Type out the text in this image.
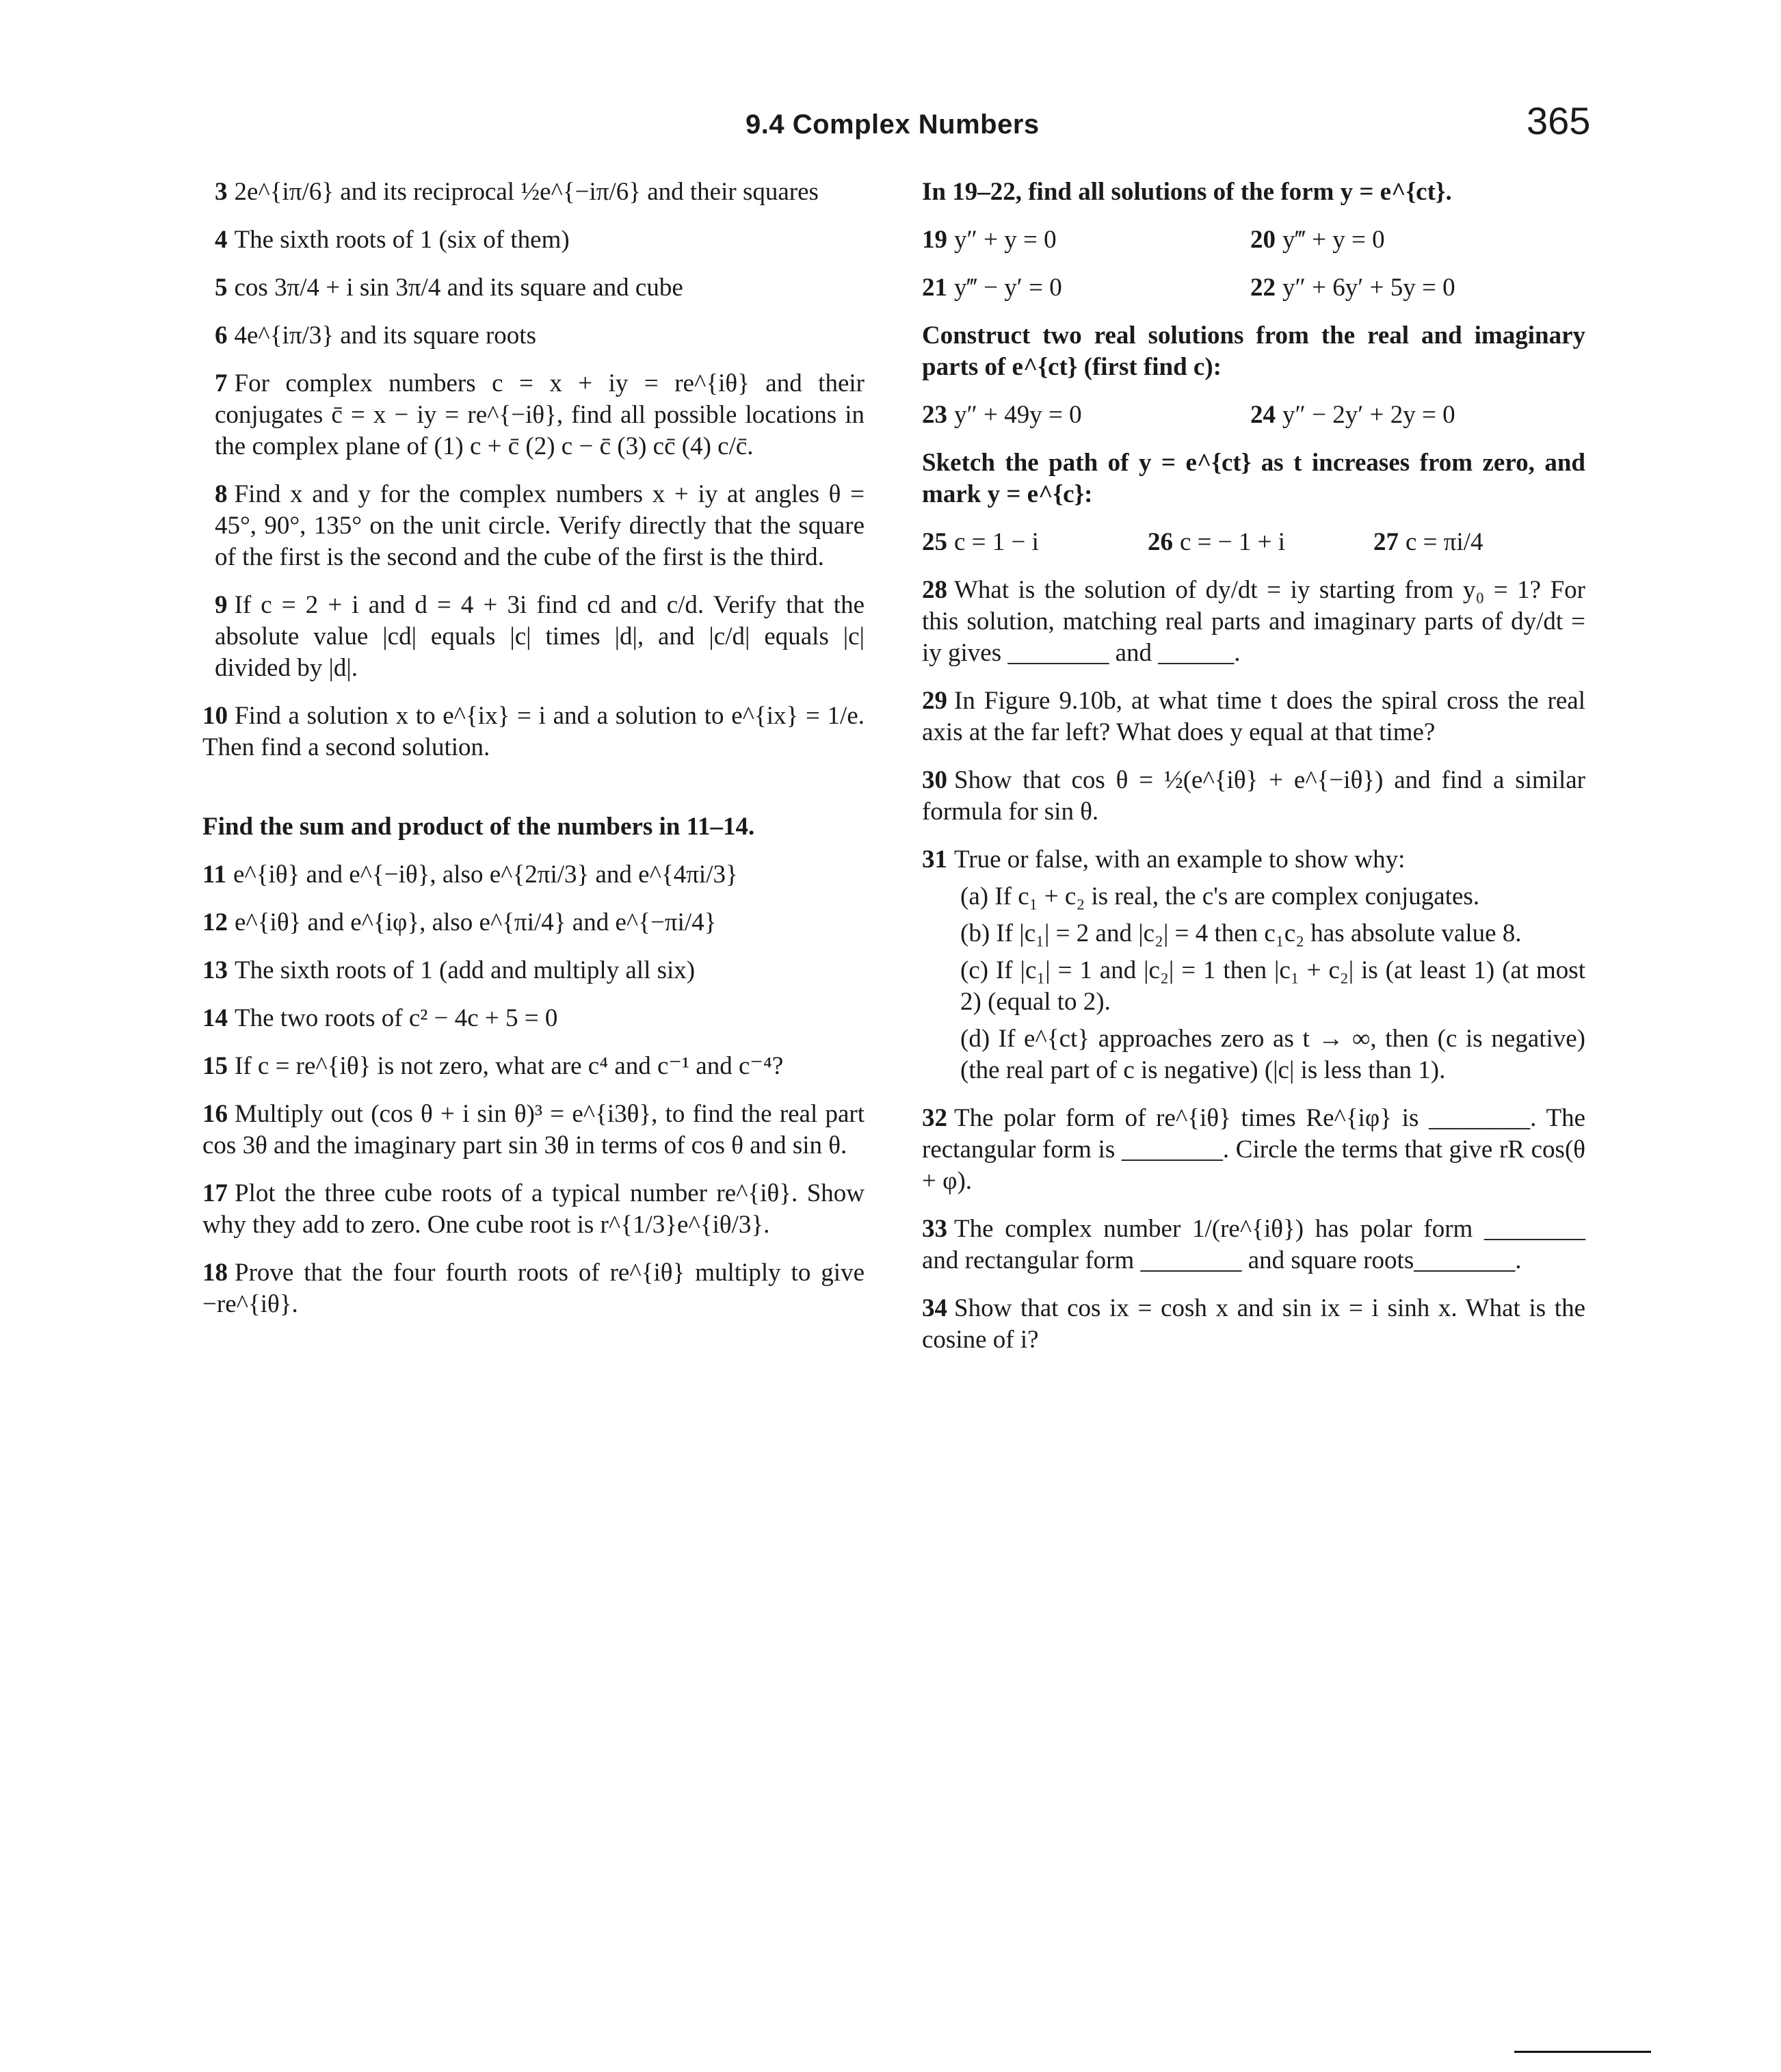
9.4 Complex Numbers	365

3 2e^{iπ/6} and its reciprocal ½e^{−iπ/6} and their squares

4 The sixth roots of 1 (six of them)

5 cos 3π/4 + i sin 3π/4 and its square and cube

6 4e^{iπ/3} and its square roots

7 For complex numbers c = x + iy = re^{iθ} and their conjugates c̄ = x − iy = re^{−iθ}, find all possible locations in the complex plane of (1) c + c̄ (2) c − c̄ (3) cc̄ (4) c/c̄.

8 Find x and y for the complex numbers x + iy at angles θ = 45°, 90°, 135° on the unit circle. Verify directly that the square of the first is the second and the cube of the first is the third.

9 If c = 2 + i and d = 4 + 3i find cd and c/d. Verify that the absolute value |cd| equals |c| times |d|, and |c/d| equals |c| divided by |d|.

10 Find a solution x to e^{ix} = i and a solution to e^{ix} = 1/e. Then find a second solution.

Find the sum and product of the numbers in 11–14.

11 e^{iθ} and e^{−iθ}, also e^{2πi/3} and e^{4πi/3}

12 e^{iθ} and e^{iφ}, also e^{πi/4} and e^{−πi/4}

13 The sixth roots of 1 (add and multiply all six)

14 The two roots of c² − 4c + 5 = 0

15 If c = re^{iθ} is not zero, what are c⁴ and c⁻¹ and c⁻⁴?

16 Multiply out (cos θ + i sin θ)³ = e^{i3θ}, to find the real part cos 3θ and the imaginary part sin 3θ in terms of cos θ and sin θ.

17 Plot the three cube roots of a typical number re^{iθ}. Show why they add to zero. One cube root is r^{1/3}e^{iθ/3}.

18 Prove that the four fourth roots of re^{iθ} multiply to give −re^{iθ}.

In 19–22, find all solutions of the form y = e^{ct}.

19 y″ + y = 0	20 y‴ + y = 0
21 y‴ − y′ = 0	22 y″ + 6y′ + 5y = 0

Construct two real solutions from the real and imaginary parts of e^{ct} (first find c):

23 y″ + 49y = 0	24 y″ − 2y′ + 2y = 0

Sketch the path of y = e^{ct} as t increases from zero, and mark y = e^{c}:

25 c = 1 − i	26 c = − 1 + i	27 c = πi/4

28 What is the solution of dy/dt = iy starting from y₀ = 1? For this solution, matching real parts and imaginary parts of dy/dt = iy gives ________ and ______.

29 In Figure 9.10b, at what time t does the spiral cross the real axis at the far left? What does y equal at that time?

30 Show that cos θ = ½(e^{iθ} + e^{−iθ}) and find a similar formula for sin θ.

31 True or false, with an example to show why:

(a) If c₁ + c₂ is real, the c's are complex conjugates.

(b) If |c₁| = 2 and |c₂| = 4 then c₁c₂ has absolute value 8.

(c) If |c₁| = 1 and |c₂| = 1 then |c₁ + c₂| is (at least 1) (at most 2) (equal to 2).

(d) If e^{ct} approaches zero as t → ∞, then (c is negative) (the real part of c is negative) (|c| is less than 1).

32 The polar form of re^{iθ} times Re^{iφ} is ________. The rectangular form is ________. Circle the terms that give rR cos(θ + φ).

33 The complex number 1/(re^{iθ}) has polar form ________ and rectangular form ________ and square roots________.

34 Show that cos ix = cosh x and sin ix = i sinh x. What is the cosine of i?
